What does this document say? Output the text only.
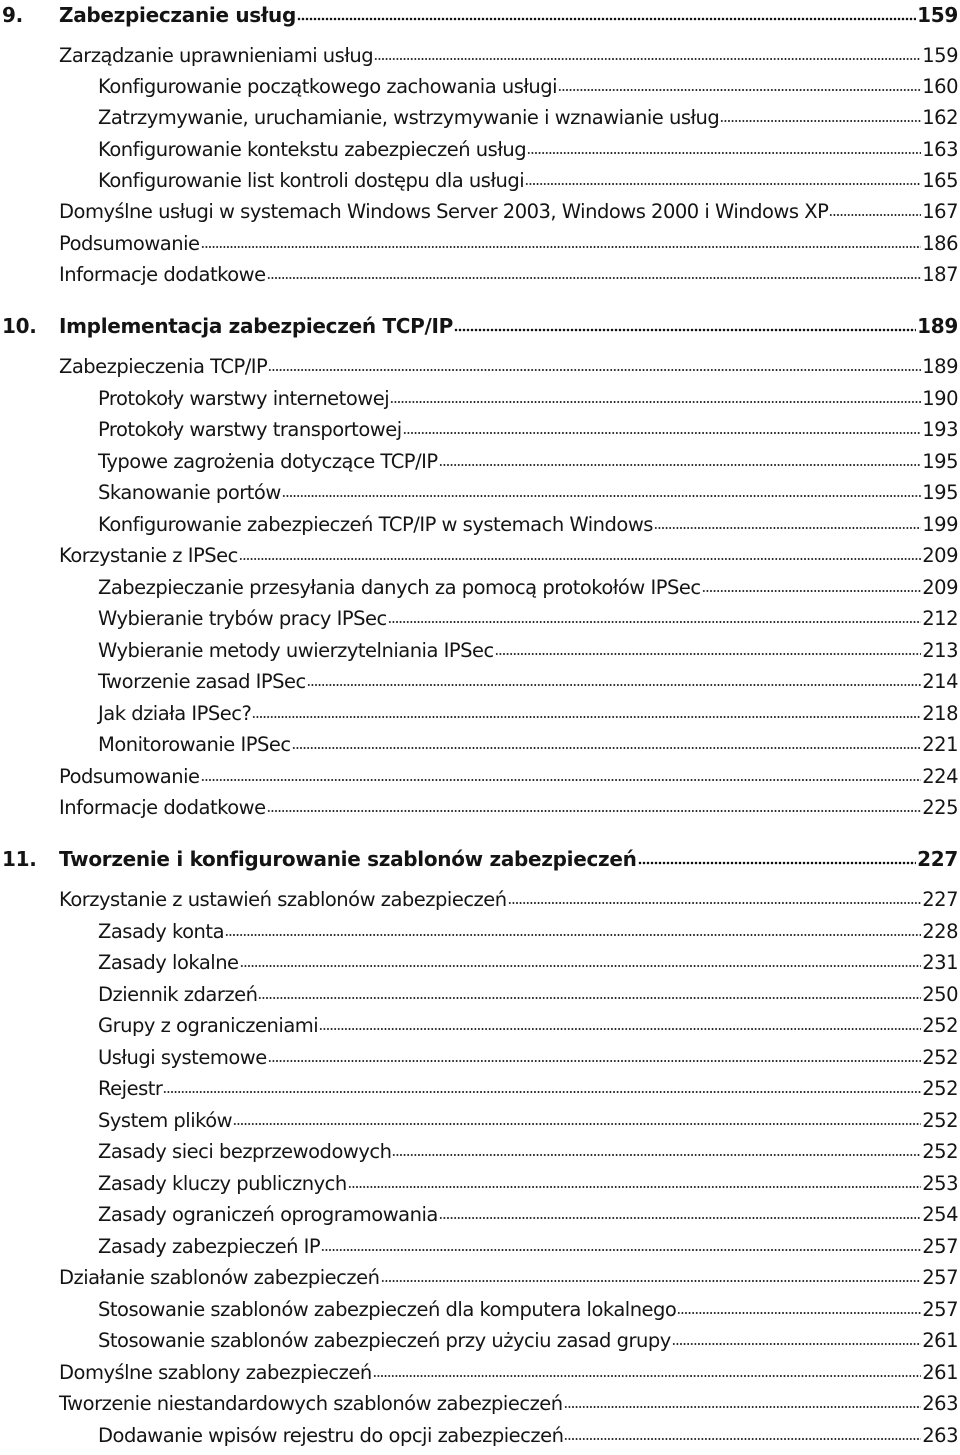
9.	Zabezpieczanie usług	159
Zarządzanie uprawnieniami usług	159
Konfigurowanie początkowego zachowania usługi	160
Zatrzymywanie, uruchamianie, wstrzymywanie i wznawianie usług	162
Konfigurowanie kontekstu zabezpieczeń usług	163
Konfigurowanie list kontroli dostępu dla usługi	165
Domyślne usługi w systemach Windows Server 2003, Windows 2000 i Windows XP	167
Podsumowanie	186
Informacje dodatkowe	187
10.	Implementacja zabezpieczeń TCP/IP	189
Zabezpieczenia TCP/IP	189
Protokoły warstwy internetowej	190
Protokoły warstwy transportowej	193
Typowe zagrożenia dotyczące TCP/IP	195
Skanowanie portów	195
Konfigurowanie zabezpieczeń TCP/IP w systemach Windows	199
Korzystanie z IPSec	209
Zabezpieczanie przesyłania danych za pomocą protokołów IPSec	209
Wybieranie trybów pracy IPSec	212
Wybieranie metody uwierzytelniania IPSec	213
Tworzenie zasad IPSec	214
Jak działa IPSec?	218
Monitorowanie IPSec	221
Podsumowanie	224
Informacje dodatkowe	225
11.	Tworzenie i konfigurowanie szablonów zabezpieczeń	227
Korzystanie z ustawień szablonów zabezpieczeń	227
Zasady konta	228
Zasady lokalne	231
Dziennik zdarzeń	250
Grupy z ograniczeniami	252
Usługi systemowe	252
Rejestr	252
System plików	252
Zasady sieci bezprzewodowych	252
Zasady kluczy publicznych	253
Zasady ograniczeń oprogramowania	254
Zasady zabezpieczeń IP	257
Działanie szablonów zabezpieczeń	257
Stosowanie szablonów zabezpieczeń dla komputera lokalnego	257
Stosowanie szablonów zabezpieczeń przy użyciu zasad grupy	261
Domyślne szablony zabezpieczeń	261
Tworzenie niestandardowych szablonów zabezpieczeń	263
Dodawanie wpisów rejestru do opcji zabezpieczeń	263
